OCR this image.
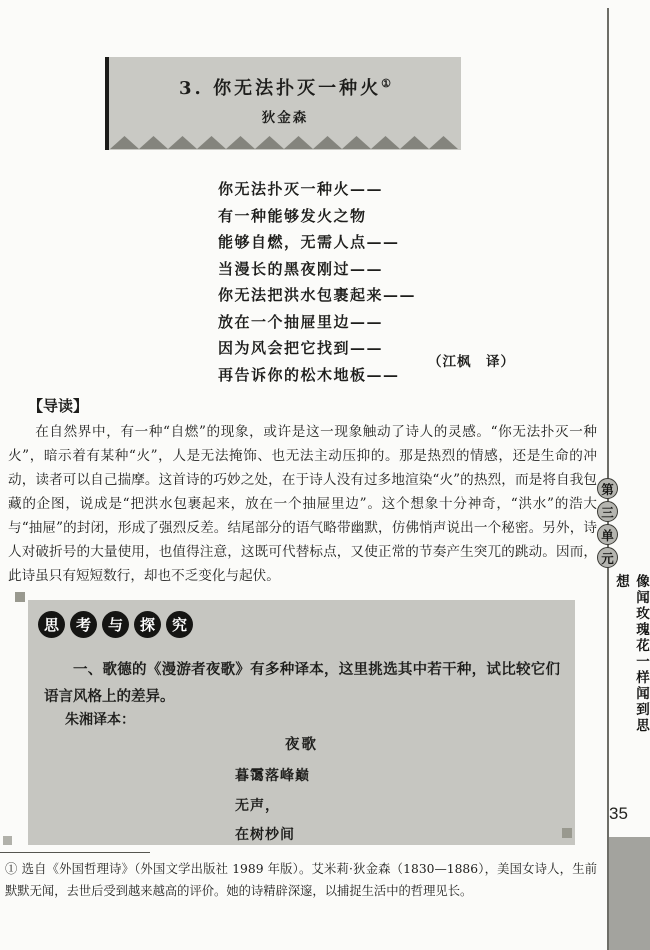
3. 你无法扑灭一种火①
狄金森
你无法扑灭一种火——
有一种能够发火之物
能够自燃，无需人点——
当漫长的黑夜刚过——
你无法把洪水包裹起来——
放在一个抽屉里边——
因为风会把它找到——
再告诉你的松木地板——
（江枫　译）
【导读】
在自然界中，有一种“自燃”的现象，或许是这一现象触动了诗人的灵感。“你无法扑灭一种火”，暗示着有某种“火”，人是无法掩饰、也无法主动压抑的。那是热烈的情感，还是生命的冲动，读者可以自己揣摩。这首诗的巧妙之处，在于诗人没有过多地渲染“火”的热烈，而是将自我包藏的企图，说成是“把洪水包裹起来，放在一个抽屉里边”。这个想象十分神奇，“洪水”的浩大与“抽屉”的封闭，形成了强烈反差。结尾部分的语气略带幽默，仿佛悄声说出一个秘密。另外，诗人对破折号的大量使用，也值得注意，这既可代替标点，又使正常的节奏产生突兀的跳动。因而，此诗虽只有短短数行，却也不乏变化与起伏。
思	考	与	探	究
一、歌德的《漫游者夜歌》有多种译本，这里挑选其中若干种，试比较它们语言风格上的差异。
朱湘译本：
夜歌
暮霭落峰巅
无声，
在树杪间
① 选自《外国哲理诗》（外国文学出版社 1989 年版）。艾米莉·狄金森（1830—1886），美国女诗人，生前默默无闻，去世后受到越来越高的评价。她的诗精辟深邃，以捕捉生活中的哲理见长。
第
三
单
元
像闻玫瑰花一样闻到思想
35
